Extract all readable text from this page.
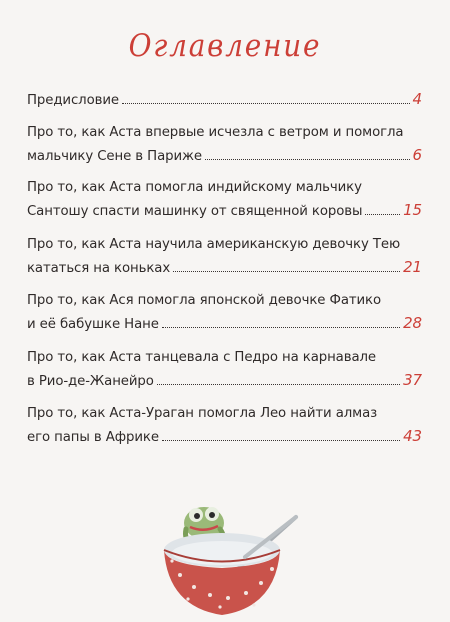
Оглавление
Предисловие	4
Про то, как Аста впервые исчезла с ветром и помогла
мальчику Сене в Париже	6
Про то, как Аста помогла индийскому мальчику
Сантошу спасти машинку от священной коровы	15
Про то, как Аста научила американскую девочку Тею
кататься на коньках	21
Про то, как Ася помогла японской девочке Фатико
и её бабушке Нане	28
Про то, как Аста танцевала с Педро на карнавале
в Рио-де-Жанейро	37
Про то, как Аста-Ураган помогла Лео найти алмаз
его папы в Африке	43
